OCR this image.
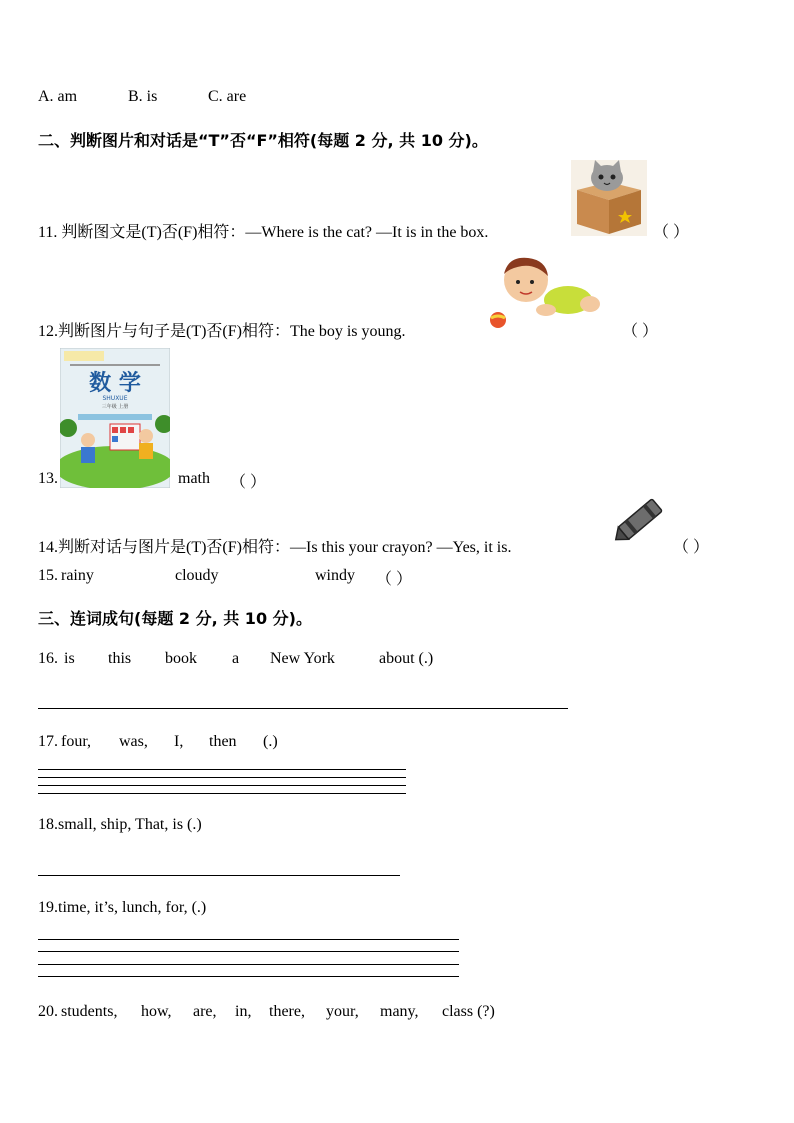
A. am	B. is	C. are
二、判断图片和对话是“T”否“F”相符(每题 2 分, 共 10 分)。
11. 判断图文是(T)否(F)相符：—Where is the cat? —It is in the box.	（ ）
12.判断图片与句子是(T)否(F)相符：The boy is young.	（ ）
数 学
SHUXUE
三年级 上册
13.	math （ ）
14.判断对话与图片是(T)否(F)相符：—Is this your crayon? —Yes, it is.	（ ）
15. rainy	cloudy	windy （ ）
三、连词成句(每题 2 分, 共 10 分)。
16. is this book a New York	about (.)
17. four, was, I, then (.)
18.small, ship, That, is (.)
19.time, it’s, lunch, for, (.)
20. students, how, are, in, there, your, many, class (?)
